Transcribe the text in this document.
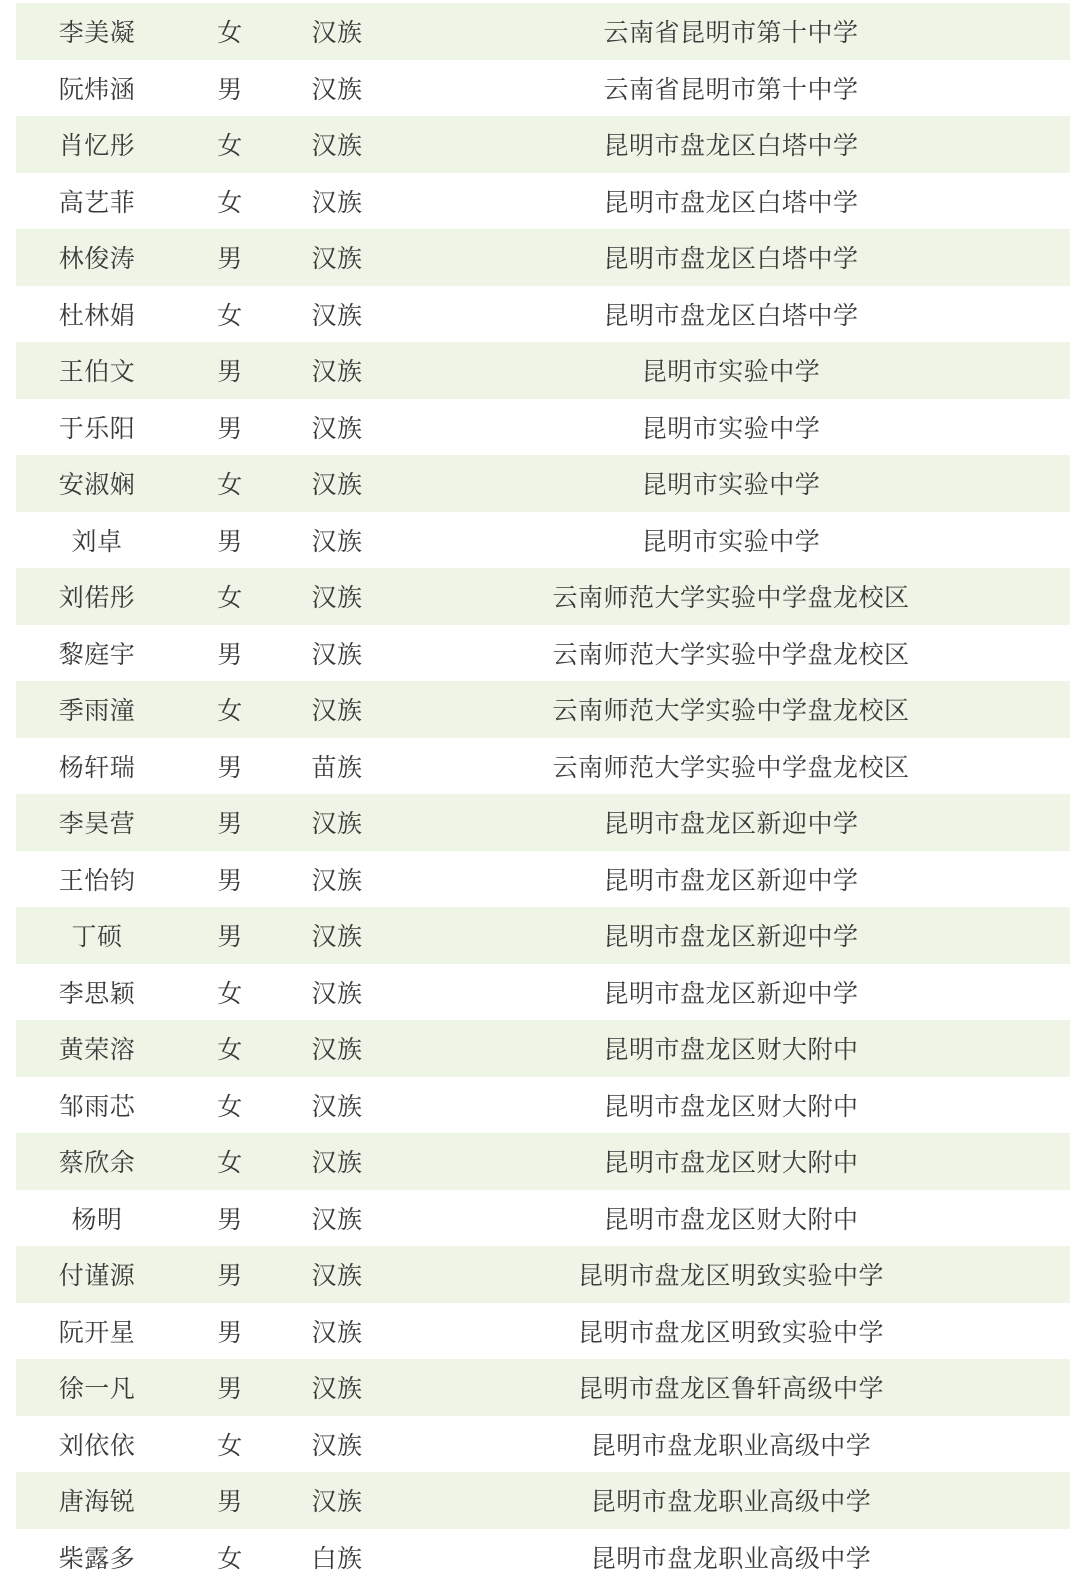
李美凝	女	汉族	云南省昆明市第十中学
阮炜涵	男	汉族	云南省昆明市第十中学
肖忆彤	女	汉族	昆明市盘龙区白塔中学
高艺菲	女	汉族	昆明市盘龙区白塔中学
林俊涛	男	汉族	昆明市盘龙区白塔中学
杜林娟	女	汉族	昆明市盘龙区白塔中学
王伯文	男	汉族	昆明市实验中学
于乐阳	男	汉族	昆明市实验中学
安淑娴	女	汉族	昆明市实验中学
刘卓	男	汉族	昆明市实验中学
刘偌彤	女	汉族	云南师范大学实验中学盘龙校区
黎庭宇	男	汉族	云南师范大学实验中学盘龙校区
季雨潼	女	汉族	云南师范大学实验中学盘龙校区
杨轩瑞	男	苗族	云南师范大学实验中学盘龙校区
李昊营	男	汉族	昆明市盘龙区新迎中学
王怡钧	男	汉族	昆明市盘龙区新迎中学
丁硕	男	汉族	昆明市盘龙区新迎中学
李思颖	女	汉族	昆明市盘龙区新迎中学
黄荣溶	女	汉族	昆明市盘龙区财大附中
邹雨芯	女	汉族	昆明市盘龙区财大附中
蔡欣余	女	汉族	昆明市盘龙区财大附中
杨明	男	汉族	昆明市盘龙区财大附中
付谨源	男	汉族	昆明市盘龙区明致实验中学
阮开星	男	汉族	昆明市盘龙区明致实验中学
徐一凡	男	汉族	昆明市盘龙区鲁轩高级中学
刘依依	女	汉族	昆明市盘龙职业高级中学
唐海锐	男	汉族	昆明市盘龙职业高级中学
柴露多	女	白族	昆明市盘龙职业高级中学
